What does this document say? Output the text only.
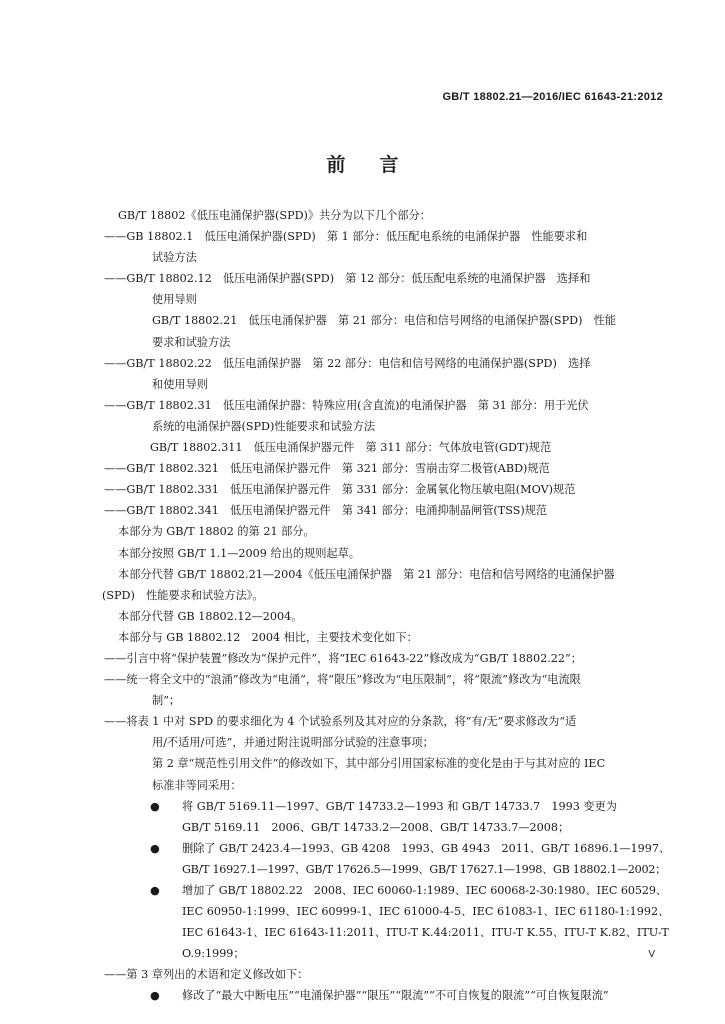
GB/T 18802.21—2016/IEC 61643-21:2012
前言

GB/T 18802《低压电涌保护器(SPD)》共分为以下几个部分：

——GB 18802.1　低压电涌保护器(SPD)　第 1 部分：低压配电系统的电涌保护器　性能要求和

试验方法

——GB/T 18802.12　低压电涌保护器(SPD)　第 12 部分：低压配电系统的电涌保护器　选择和

使用导则

GB/T 18802.21　低压电涌保护器　第 21 部分：电信和信号网络的电涌保护器(SPD)　性能

要求和试验方法

——GB/T 18802.22　低压电涌保护器　第 22 部分：电信和信号网络的电涌保护器(SPD)　选择

和使用导则

——GB/T 18802.31　低压电涌保护器：特殊应用(含直流)的电涌保护器　第 31 部分：用于光伏

系统的电涌保护器(SPD)性能要求和试验方法

GB/T 18802.311　低压电涌保护器元件　第 311 部分：气体放电管(GDT)规范

——GB/T 18802.321　低压电涌保护器元件　第 321 部分：雪崩击穿二极管(ABD)规范

——GB/T 18802.331　低压电涌保护器元件　第 331 部分：金属氧化物压敏电阻(MOV)规范

——GB/T 18802.341　低压电涌保护器元件　第 341 部分：电涌抑制晶闸管(TSS)规范

本部分为 GB/T 18802 的第 21 部分。

本部分按照 GB/T 1.1—2009 给出的规则起草。

本部分代替 GB/T 18802.21—2004《低压电涌保护器　第 21 部分：电信和信号网络的电涌保护器

(SPD)　性能要求和试验方法》。

本部分代替 GB 18802.12—2004。

本部分与 GB 18802.12　2004 相比，主要技术变化如下：

——引言中将“保护装置”修改为“保护元件”，将“IEC 61643-22”修改成为“GB/T 18802.22”；

——统一将全文中的“浪涌”修改为“电涌”，将“限压”修改为“电压限制”，将“限流”修改为“电流限

制”；

——将表 1 中对 SPD 的要求细化为 4 个试验系列及其对应的分条款，将“有/无”要求修改为“适

用/不适用/可选”，并通过附注说明部分试验的注意事项；

第 2 章“规范性引用文件”的修改如下，其中部分引用国家标准的变化是由于与其对应的 IEC

标准非等同采用：

● 将 GB/T 5169.11—1997、GB/T 14733.2—1993 和 GB/T 14733.7　1993 变更为

GB/T 5169.11　2006、GB/T 14733.2—2008、GB/T 14733.7—2008；

● 删除了 GB/T 2423.4—1993、GB 4208　1993、GB 4943　2011、GB/T 16896.1—1997、

GB/T 16927.1—1997、GB/T 17626.5—1999、GB/T 17627.1—1998、GB 18802.1—2002；

● 增加了 GB/T 18802.22　2008、IEC 60060-1:1989、IEC 60068-2-30:1980、IEC 60529、

IEC 60950-1:1999、IEC 60999-1、IEC 61000-4-5、IEC 61083-1、IEC 61180-1:1992、

IEC 61643-1、IEC 61643-11:2011、ITU-T K.44:2011、ITU-T K.55、ITU-T K.82、ITU-T

O.9:1999；

——第 3 章列出的术语和定义修改如下：

● 修改了“最大中断电压”“电涌保护器”“限压”“限流”“不可自恢复的限流”“可自恢复限流”

V
